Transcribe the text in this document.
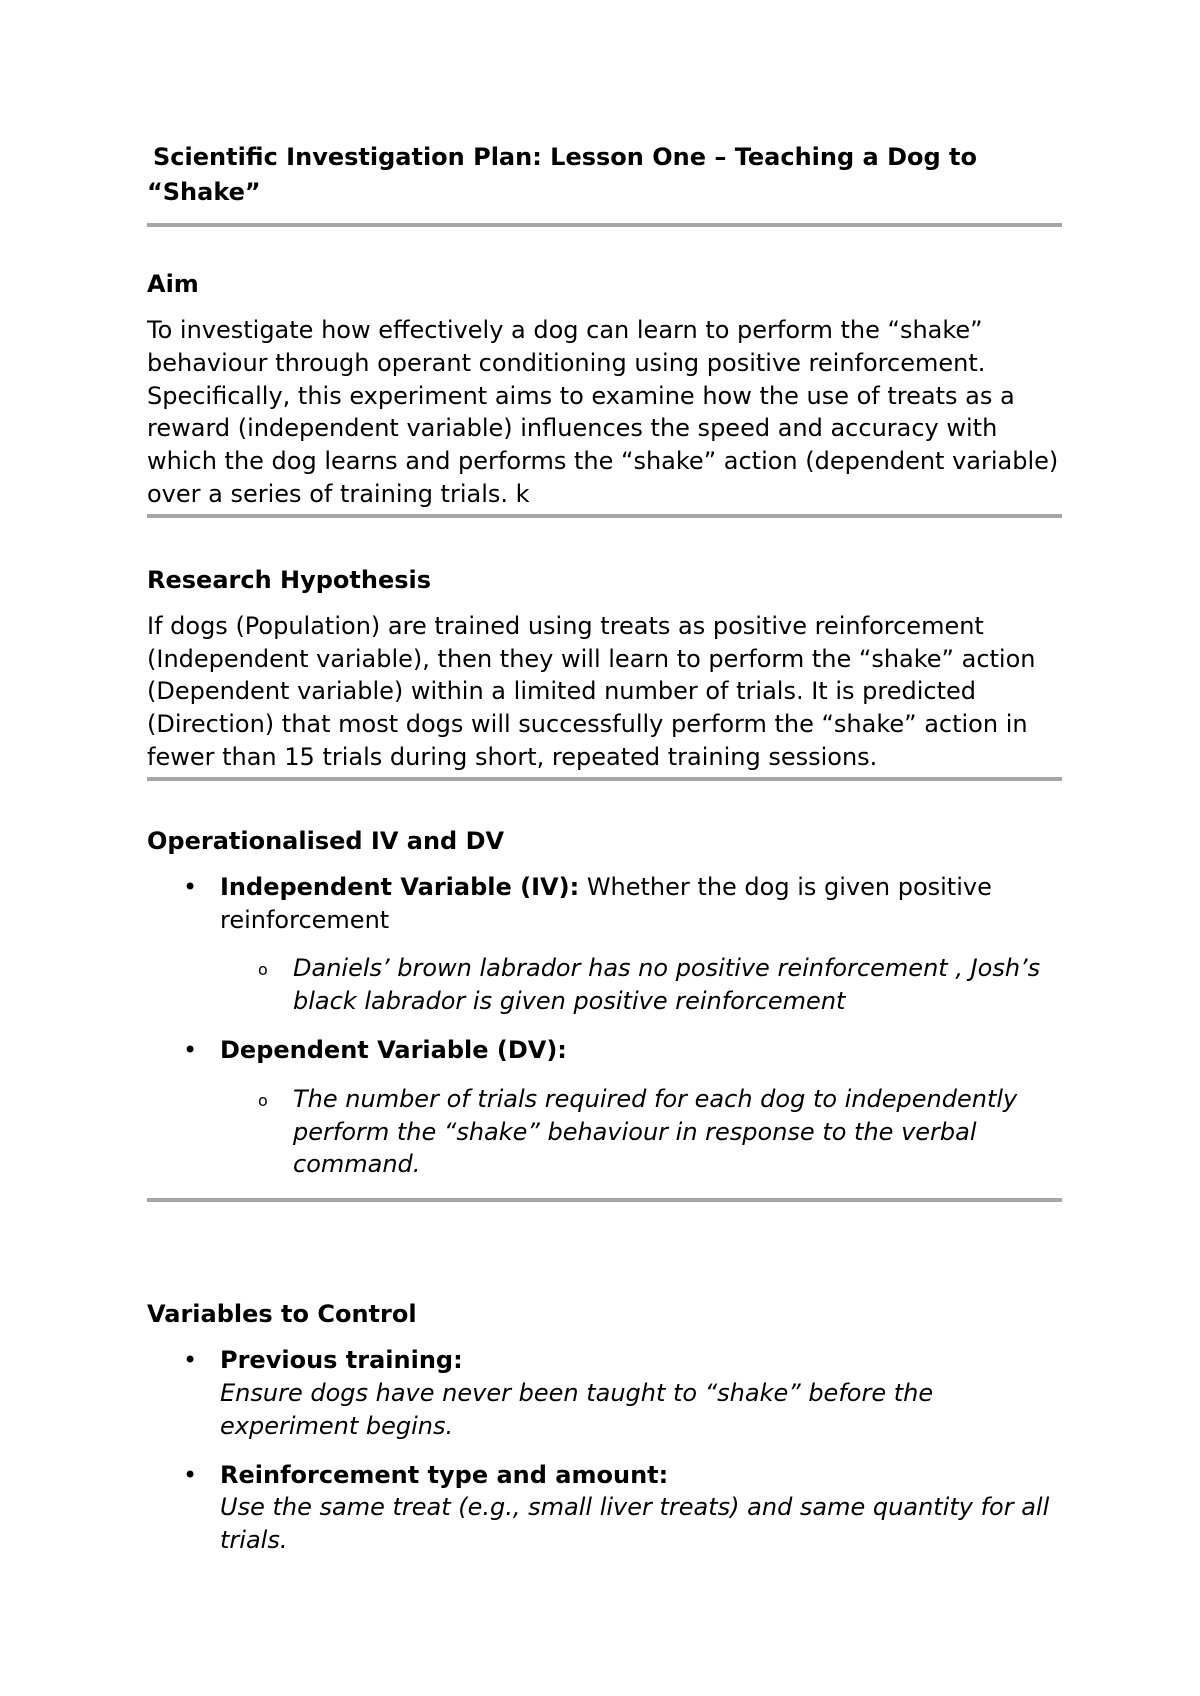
Scientific Investigation Plan: Lesson One – Teaching a Dog to

“Shake”

Aim

To investigate how effectively a dog can learn to perform the “shake” behaviour through operant conditioning using positive reinforcement. Specifically, this experiment aims to examine how the use of treats as a reward (independent variable) influences the speed and accuracy with which the dog learns and performs the “shake” action (dependent variable) over a series of training trials. k

Research Hypothesis

If dogs (Population) are trained using treats as positive reinforcement (Independent variable), then they will learn to perform the “shake” action (Dependent variable) within a limited number of trials. It is predicted (Direction) that most dogs will successfully perform the “shake” action in fewer than 15 trials during short, repeated training sessions.

Operationalised IV and DV
• Independent Variable (IV): Whether the dog is given positive reinforcement
o Daniels’ brown labrador has no positive reinforcement , Josh’s black labrador is given positive reinforcement
• Dependent Variable (DV):
o The number of trials required for each dog to independently perform the “shake” behaviour in response to the verbal command.
Variables to Control
• Previous training:
Ensure dogs have never been taught to “shake” before the experiment begins.
• Reinforcement type and amount:
Use the same treat (e.g., small liver treats) and same quantity for all trials.
